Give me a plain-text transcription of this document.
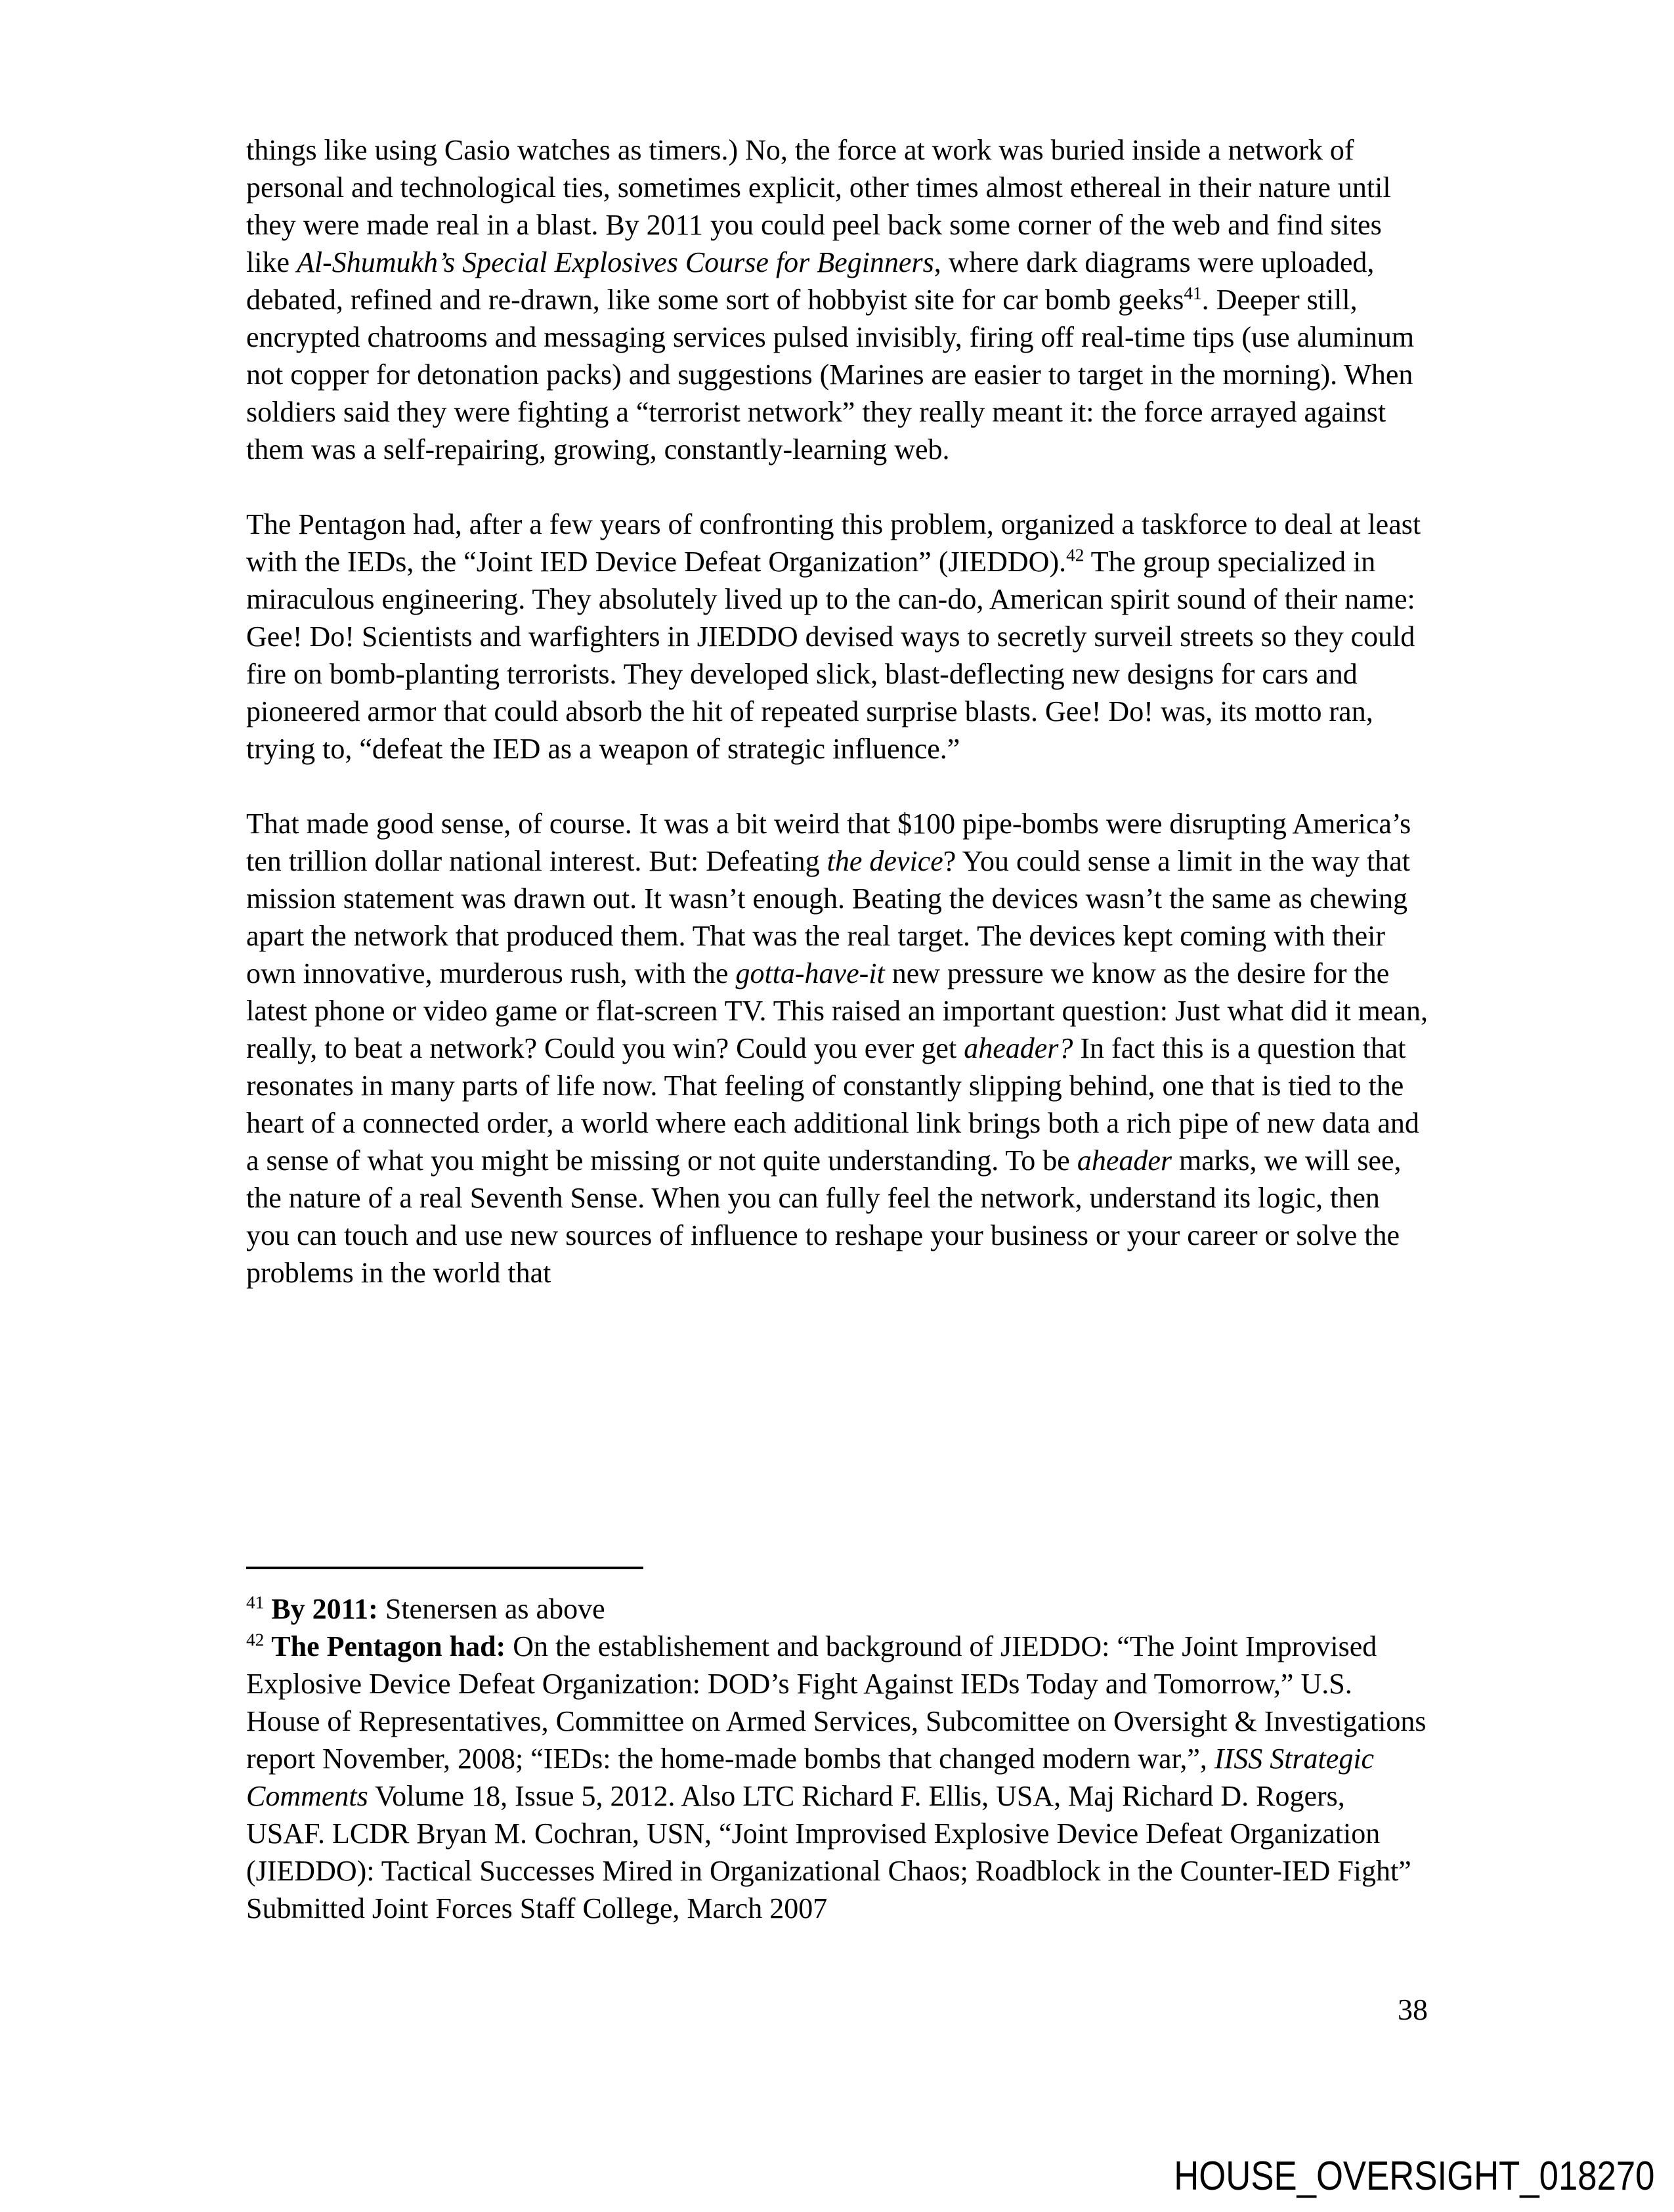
things like using Casio watches as timers.) No, the force at work was buried inside a network of personal and technological ties, sometimes explicit, other times almost ethereal in their nature until they were made real in a blast. By 2011 you could peel back some corner of the web and find sites like Al-Shumukh’s Special Explosives Course for Beginners, where dark diagrams were uploaded, debated, refined and re-drawn, like some sort of hobbyist site for car bomb geeks$^{41}$. Deeper still, encrypted chatrooms and messaging services pulsed invisibly, firing off real-time tips (use aluminum not copper for detonation packs) and suggestions (Marines are easier to target in the morning). When soldiers said they were fighting a “terrorist network” they really meant it: the force arrayed against them was a self-repairing, growing, constantly-learning web.
The Pentagon had, after a few years of confronting this problem, organized a taskforce to deal at least with the IEDs, the “Joint IED Device Defeat Organization” (JIEDDO).$^{42}$ The group specialized in miraculous engineering. They absolutely lived up to the can-do, American spirit sound of their name: Gee! Do! Scientists and warfighters in JIEDDO devised ways to secretly surveil streets so they could fire on bomb-planting terrorists. They developed slick, blast-deflecting new designs for cars and pioneered armor that could absorb the hit of repeated surprise blasts. Gee! Do! was, its motto ran, trying to, “defeat the IED as a weapon of strategic influence.”
That made good sense, of course. It was a bit weird that $100 pipe-bombs were disrupting America’s ten trillion dollar national interest. But: Defeating the device? You could sense a limit in the way that mission statement was drawn out. It wasn’t enough. Beating the devices wasn’t the same as chewing apart the network that produced them. That was the real target. The devices kept coming with their own innovative, murderous rush, with the gotta-have-it new pressure we know as the desire for the latest phone or video game or flat-screen TV. This raised an important question: Just what did it mean, really, to beat a network? Could you win? Could you ever get aheader? In fact this is a question that resonates in many parts of life now. That feeling of constantly slipping behind, one that is tied to the heart of a connected order, a world where each additional link brings both a rich pipe of new data and a sense of what you might be missing or not quite understanding. To be aheader marks, we will see, the nature of a real Seventh Sense. When you can fully feel the network, understand its logic, then you can touch and use new sources of influence to reshape your business or your career or solve the problems in the world that
$^{41}$ By 2011: Stenersen as above
$^{42}$ The Pentagon had: On the establishement and background of JIEDDO: “The Joint Improvised Explosive Device Defeat Organization: DOD’s Fight Against IEDs Today and Tomorrow,” U.S. House of Representatives, Committee on Armed Services, Subcomittee on Oversight & Investigations report November, 2008; “IEDs: the home-made bombs that changed modern war,”, IISS Strategic Comments Volume 18, Issue 5, 2012. Also LTC Richard F. Ellis, USA, Maj Richard D. Rogers, USAF. LCDR Bryan M. Cochran, USN, “Joint Improvised Explosive Device Defeat Organization (JIEDDO): Tactical Successes Mired in Organizational Chaos; Roadblock in the Counter-IED Fight” Submitted Joint Forces Staff College, March 2007
38
HOUSE_OVERSIGHT_018270
